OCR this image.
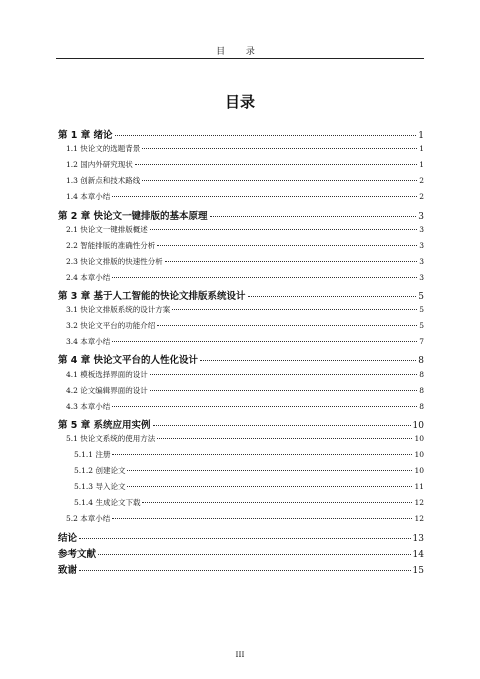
目 录
目录
第 1 章 绪论	1
1.1 快论文的选题背景	1
1.2 国内外研究现状	1
1.3 创新点和技术路线	2
1.4 本章小结	2
第 2 章 快论文一键排版的基本原理	3
2.1 快论文一键排版概述	3
2.2 智能排版的准确性分析	3
2.3 快论文排版的快速性分析	3
2.4 本章小结	3
第 3 章 基于人工智能的快论文排版系统设计	5
3.1 快论文排版系统的设计方案	5
3.2 快论文平台的功能介绍	5
3.4 本章小结	7
第 4 章 快论文平台的人性化设计	8
4.1 模板选择界面的设计	8
4.2 论文编辑界面的设计	8
4.3 本章小结	8
第 5 章 系统应用实例	10
5.1 快论文系统的使用方法	10
5.1.1 注册	10
5.1.2 创建论文	10
5.1.3 导入论文	11
5.1.4 生成论文下载	12
5.2 本章小结	12
结论	13
参考文献	14
致谢	15
III
